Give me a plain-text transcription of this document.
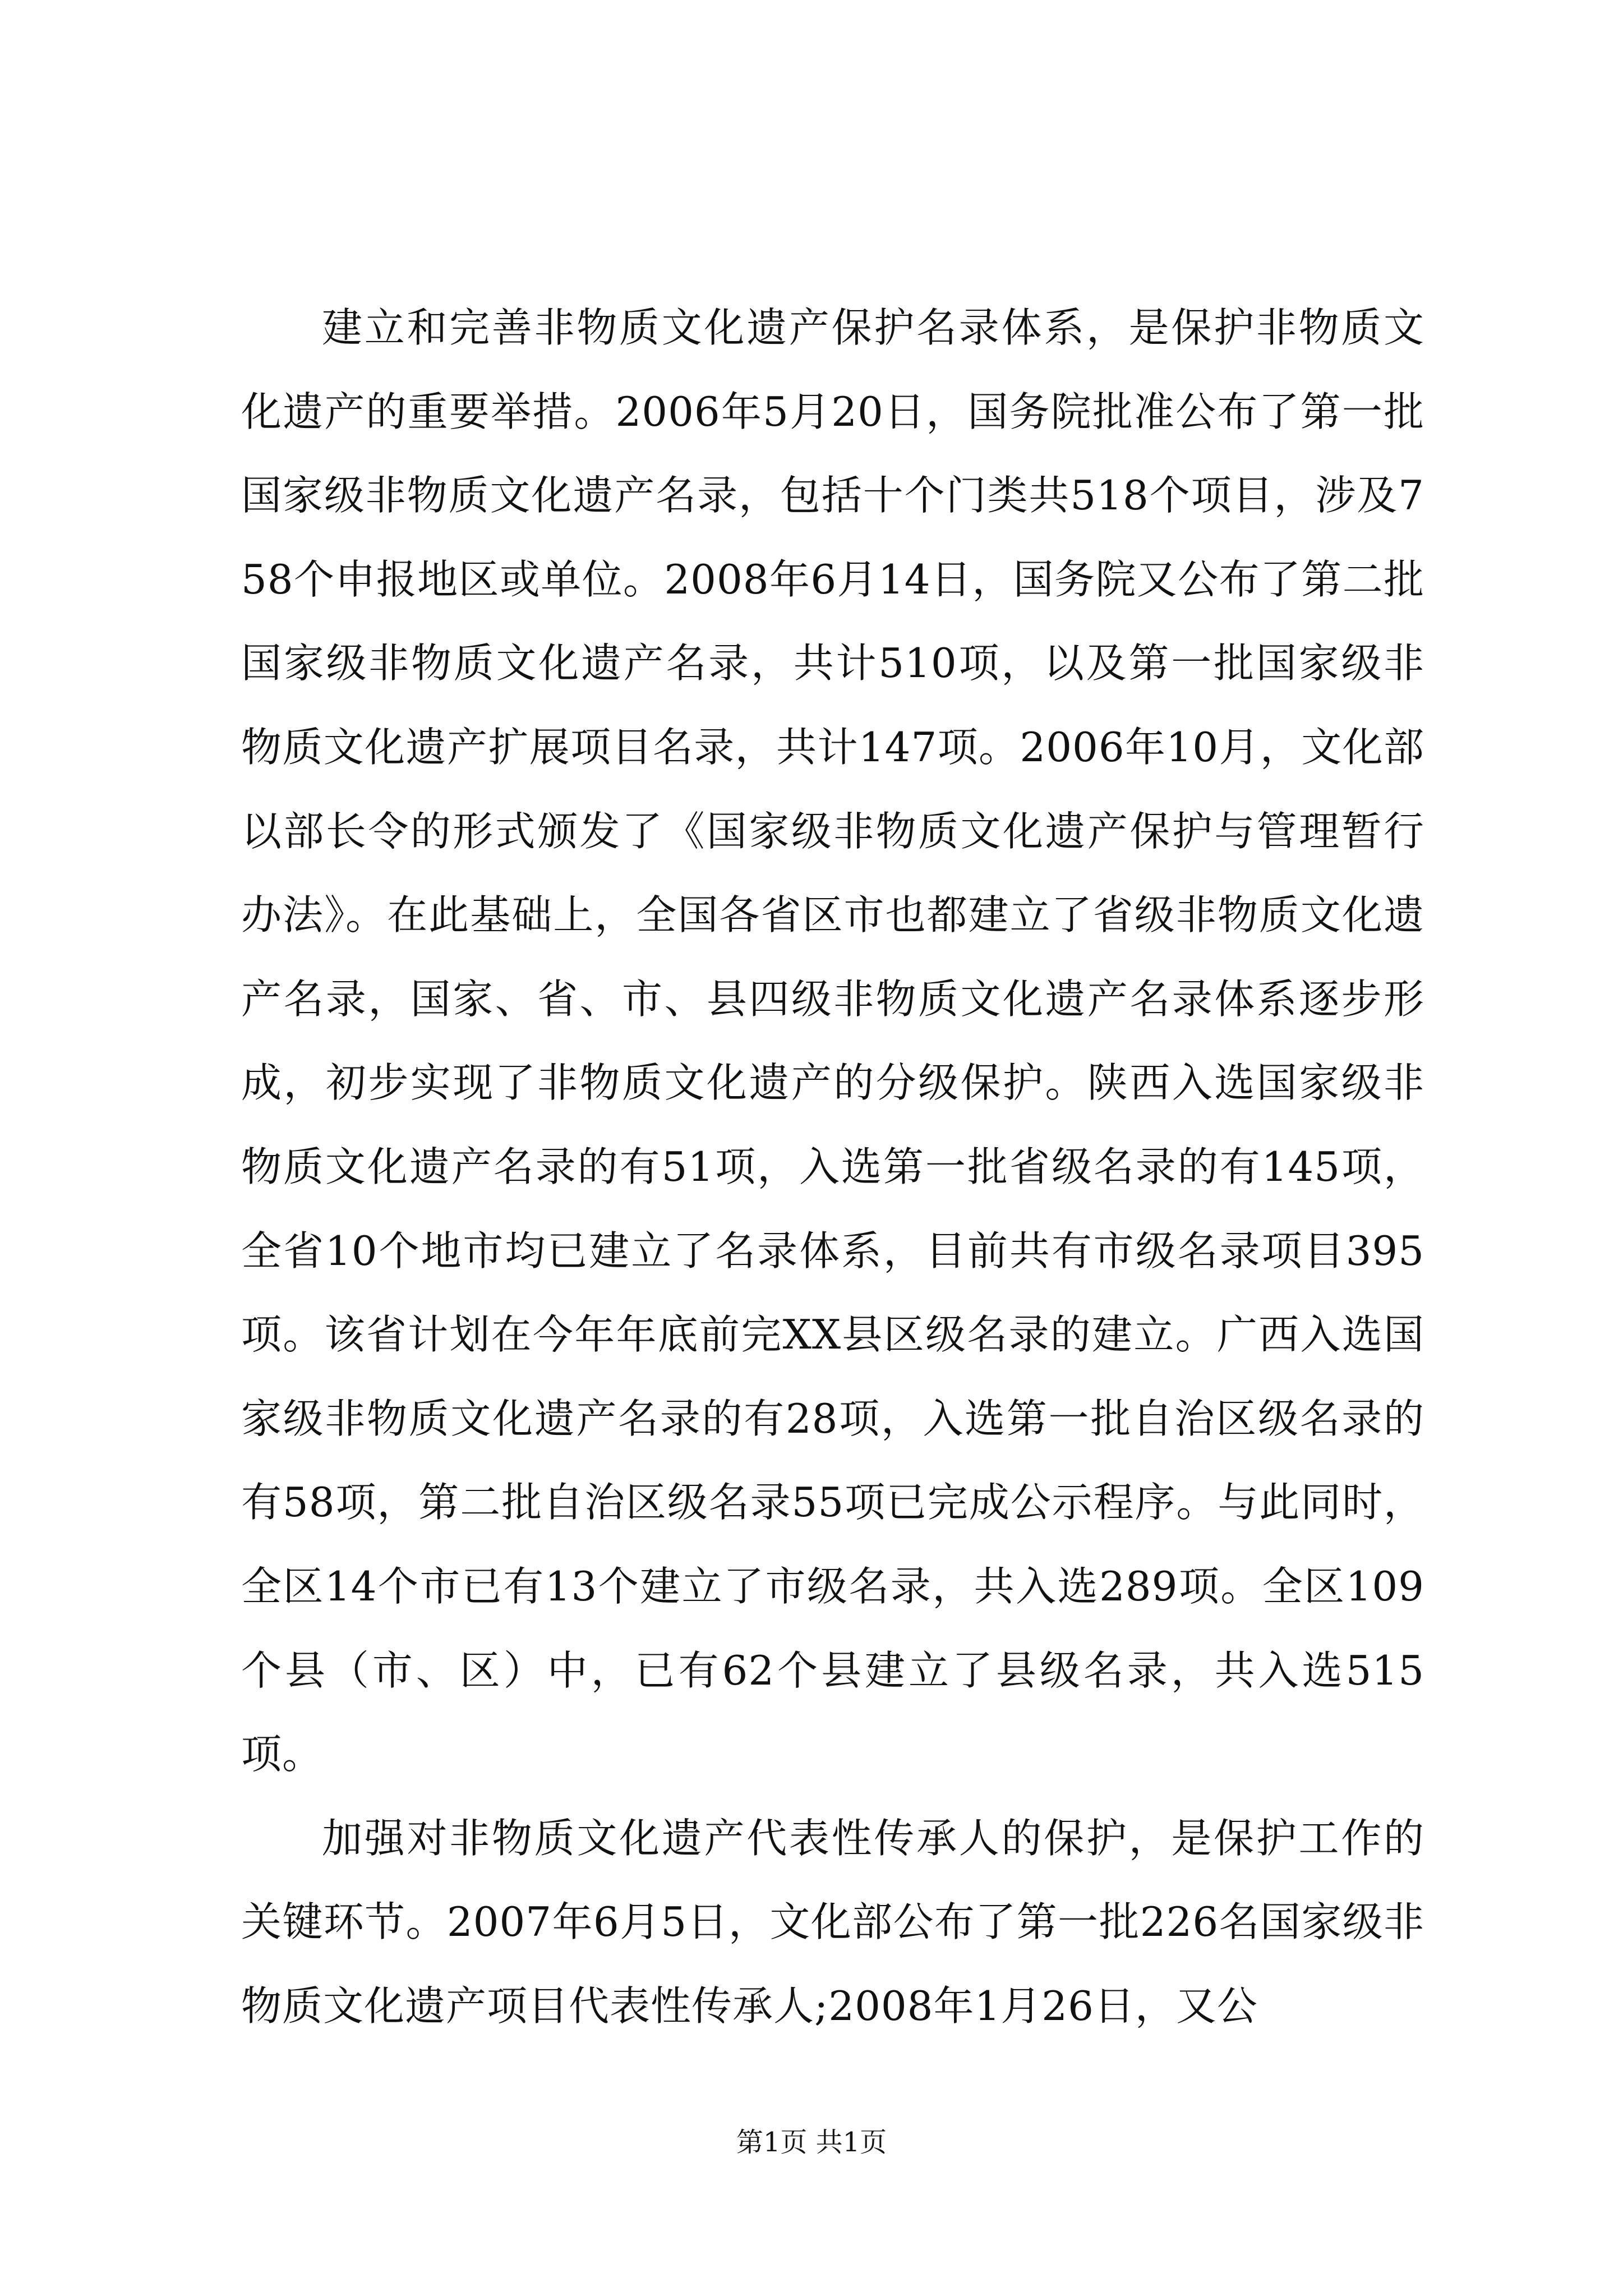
建立和完善非物质文化遗产保护名录体系，是保护非物质文化遗产的重要举措。2006年5月20日，国务院批准公布了第一批国家级非物质文化遗产名录，包括十个门类共518个项目，涉及758个申报地区或单位。2008年6月14日，国务院又公布了第二批国家级非物质文化遗产名录，共计510项，以及第一批国家级非物质文化遗产扩展项目名录，共计147项。2006年10月，文化部以部长令的形式颁发了《国家级非物质文化遗产保护与管理暂行办法》。在此基础上，全国各省区市也都建立了省级非物质文化遗产名录，国家、省、市、县四级非物质文化遗产名录体系逐步形成，初步实现了非物质文化遗产的分级保护。陕西入选国家级非物质文化遗产名录的有51项，入选第一批省级名录的有145项，全省10个地市均已建立了名录体系，目前共有市级名录项目395项。该省计划在今年年底前完XX县区级名录的建立。广西入选国家级非物质文化遗产名录的有28项，入选第一批自治区级名录的有58项，第二批自治区级名录55项已完成公示程序。与此同时，全区14个市已有13个建立了市级名录，共入选289项。全区109个县（市、区）中，已有62个县建立了县级名录，共入选515项。

加强对非物质文化遗产代表性传承人的保护，是保护工作的关键环节。2007年6月5日，文化部公布了第一批226名国家级非物质文化遗产项目代表性传承人;2008年1月26日，又公

第1页 共1页
